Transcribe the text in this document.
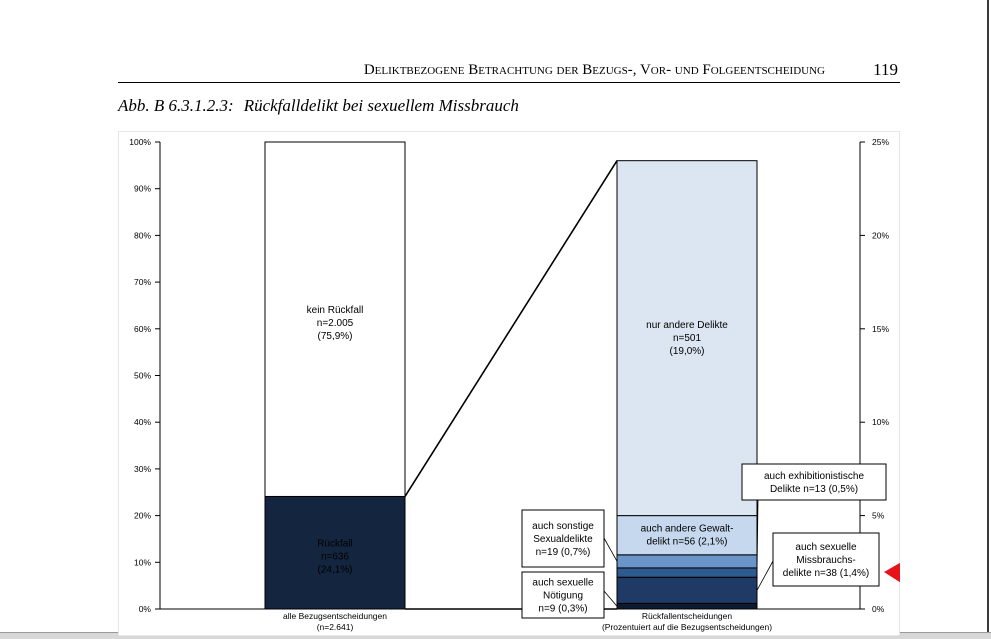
Deliktbezogene Betrachtung der Bezugs-, Vor- und Folgeentscheidung	119
Abb. B 6.3.1.2.3: Rückfalldelikt bei sexuellem Missbrauch
0%
10%
20%
30%
40%
50%
60%
70%
80%
90%
100%
0%
5%
10%
15%
20%
25%
Rückfall
n=636
(24,1%)
kein Rückfall
n=2.005
(75,9%)
nur andere Delikte
n=501
(19,0%)
auch andere Gewalt-
delikt n=56 (2,1%)
auch sonstige
Sexualdelikte
n=19 (0,7%)
auch sexuelle
Nötigung
n=9 (0,3%)
auch exhibitionistische
Delikte n=13 (0,5%)
auch sexuelle
Missbrauchs-
delikte n=38 (1,4%)
alle Bezugsentscheidungen
(n=2.641)
Rückfallentscheidungen
(Prozentuiert auf die Bezugsentscheidungen)
